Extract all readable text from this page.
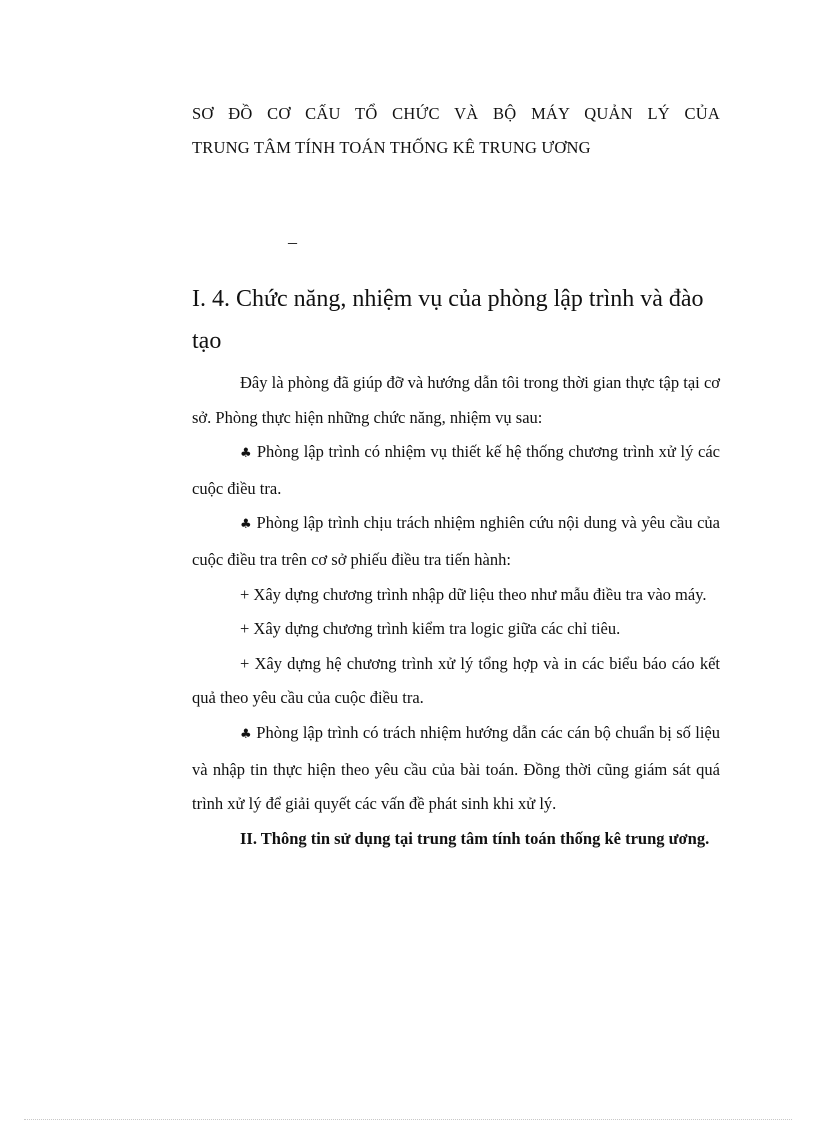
SƠ ĐỒ CƠ CẤU TỔ CHỨC VÀ BỘ MÁY QUẢN LÝ CỦA
TRUNG TÂM TÍNH TOÁN THỐNG KÊ TRUNG ƯƠNG
–
I. 4. Chức năng, nhiệm vụ của phòng lập trình và đào tạo

Đây là phòng đã giúp đỡ và hướng dẫn tôi trong thời gian thực tập tại cơ sở. Phòng thực hiện những chức năng, nhiệm vụ sau:

♣ Phòng lập trình có nhiệm vụ thiết kế hệ thống chương trình xử lý các cuộc điều tra.

♣ Phòng lập trình chịu trách nhiệm nghiên cứu nội dung và yêu cầu của cuộc điều tra trên cơ sở phiếu điều tra tiến hành:

+ Xây dựng chương trình nhập dữ liệu theo như mẫu điều tra vào máy.

+ Xây dựng chương trình kiểm tra logic giữa các chỉ tiêu.

+ Xây dựng hệ chương trình xử lý tổng hợp và in các biểu báo cáo kết quả theo yêu cầu của cuộc điều tra.

♣ Phòng lập trình có trách nhiệm hướng dẫn các cán bộ chuẩn bị số liệu và nhập tin thực hiện theo yêu cầu của bài toán. Đồng thời cũng giám sát quá trình xử lý để giải quyết các vấn đề phát sinh khi xử lý.

II. Thông tin sử dụng tại trung tâm tính toán thống kê trung ương.
